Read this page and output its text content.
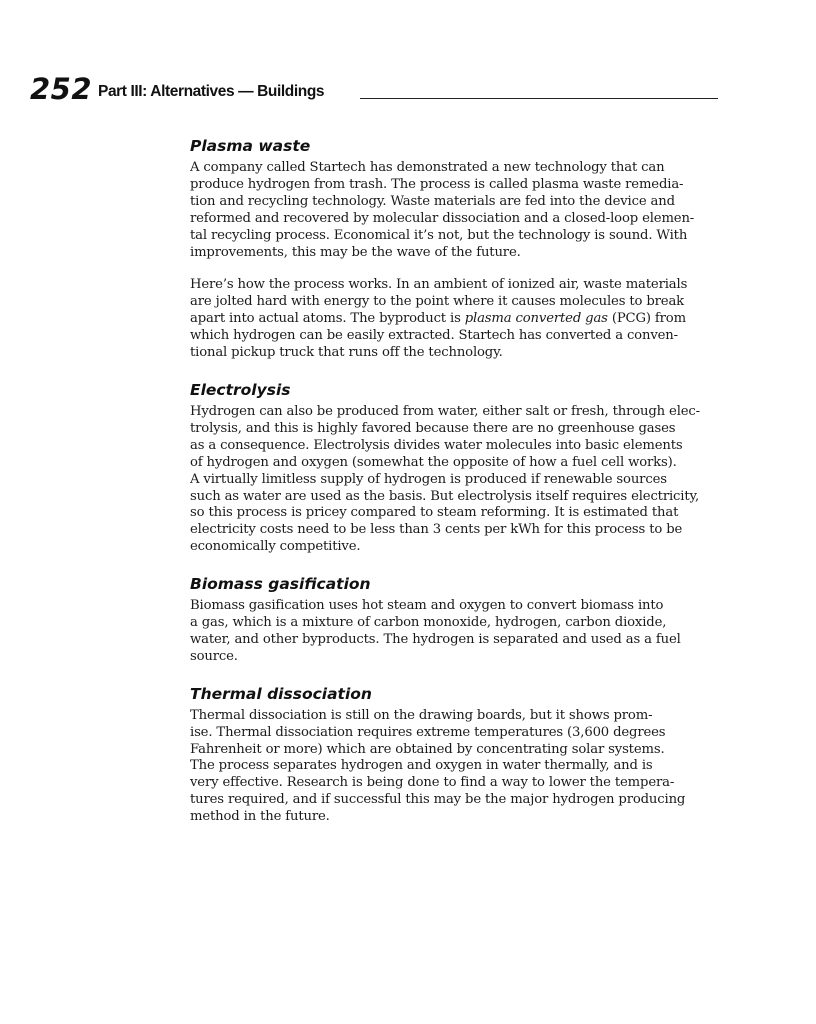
252 Part III: Alternatives — Buildings
Plasma waste

A company called Startech has demonstrated a new technology that can
produce hydrogen from trash. The process is called plasma waste remedia-
tion and recycling technology. Waste materials are fed into the device and
reformed and recovered by molecular dissociation and a closed-loop elemen-
tal recycling process. Economical it’s not, but the technology is sound. With
improvements, this may be the wave of the future.

Here’s how the process works. In an ambient of ionized air, waste materials
are jolted hard with energy to the point where it causes molecules to break
apart into actual atoms. The byproduct is plasma converted gas (PCG) from
which hydrogen can be easily extracted. Startech has converted a conven-
tional pickup truck that runs off the technology.

Electrolysis

Hydrogen can also be produced from water, either salt or fresh, through elec-
trolysis, and this is highly favored because there are no greenhouse gases
as a consequence. Electrolysis divides water molecules into basic elements
of hydrogen and oxygen (somewhat the opposite of how a fuel cell works).
A virtually limitless supply of hydrogen is produced if renewable sources
such as water are used as the basis. But electrolysis itself requires electricity,
so this process is pricey compared to steam reforming. It is estimated that
electricity costs need to be less than 3 cents per kWh for this process to be
economically competitive.

Biomass gasification

Biomass gasification uses hot steam and oxygen to convert biomass into
a gas, which is a mixture of carbon monoxide, hydrogen, carbon dioxide,
water, and other byproducts. The hydrogen is separated and used as a fuel
source.

Thermal dissociation

Thermal dissociation is still on the drawing boards, but it shows prom-
ise. Thermal dissociation requires extreme temperatures (3,600 degrees
Fahrenheit or more) which are obtained by concentrating solar systems.
The process separates hydrogen and oxygen in water thermally, and is
very effective. Research is being done to find a way to lower the tempera-
tures required, and if successful this may be the major hydrogen producing
method in the future.
